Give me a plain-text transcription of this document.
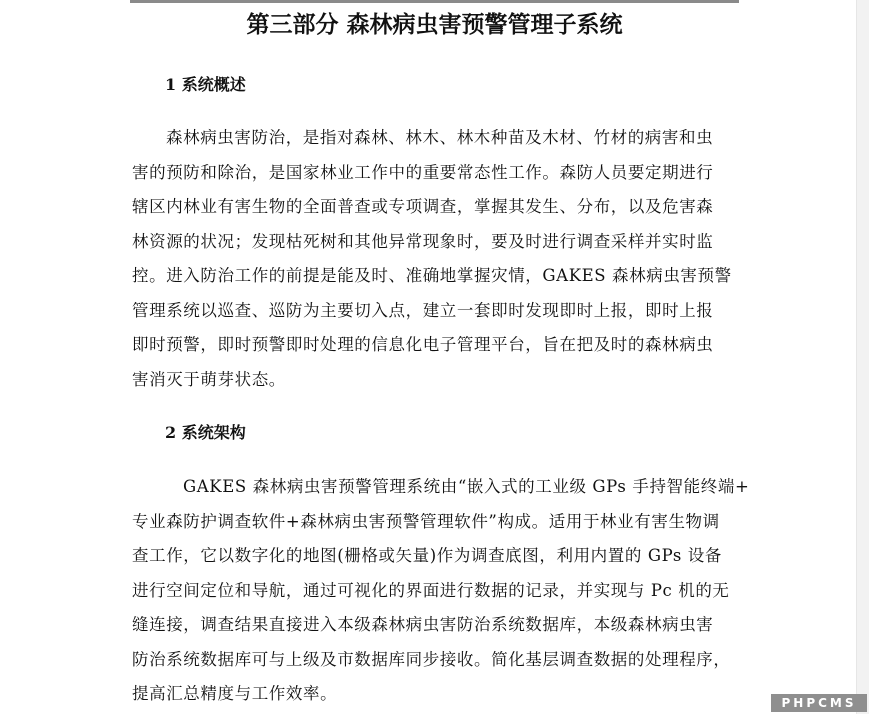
第三部分 森林病虫害预警管理子系统
1 系统概述
森林病虫害防治，是指对森林、林木、林木种苗及木材、竹材的病害和虫
害的预防和除治，是国家林业工作中的重要常态性工作。森防人员要定期进行
辖区内林业有害生物的全面普查或专项调查，掌握其发生、分布，以及危害森
林资源的状况；发现枯死树和其他异常现象时，要及时进行调查采样并实时监
控。进入防治工作的前提是能及时、准确地掌握灾情，GAKES 森林病虫害预警
管理系统以巡查、巡防为主要切入点，建立一套即时发现即时上报，即时上报
即时预警，即时预警即时处理的信息化电子管理平台，旨在把及时的森林病虫
害消灭于萌芽状态。
2 系统架构
GAKES 森林病虫害预警管理系统由“嵌入式的工业级 GPs 手持智能终端+
专业森防护调查软件+森林病虫害预警管理软件”构成。适用于林业有害生物调
查工作，它以数字化的地图(栅格或矢量)作为调查底图，利用内置的 GPs 设备
进行空间定位和导航，通过可视化的界面进行数据的记录，并实现与 Pc 机的无
缝连接，调查结果直接进入本级森林病虫害防治系统数据库，本级森林病虫害
防治系统数据库可与上级及市数据库同步接收。简化基层调查数据的处理程序，
提高汇总精度与工作效率。	PHPCMS
